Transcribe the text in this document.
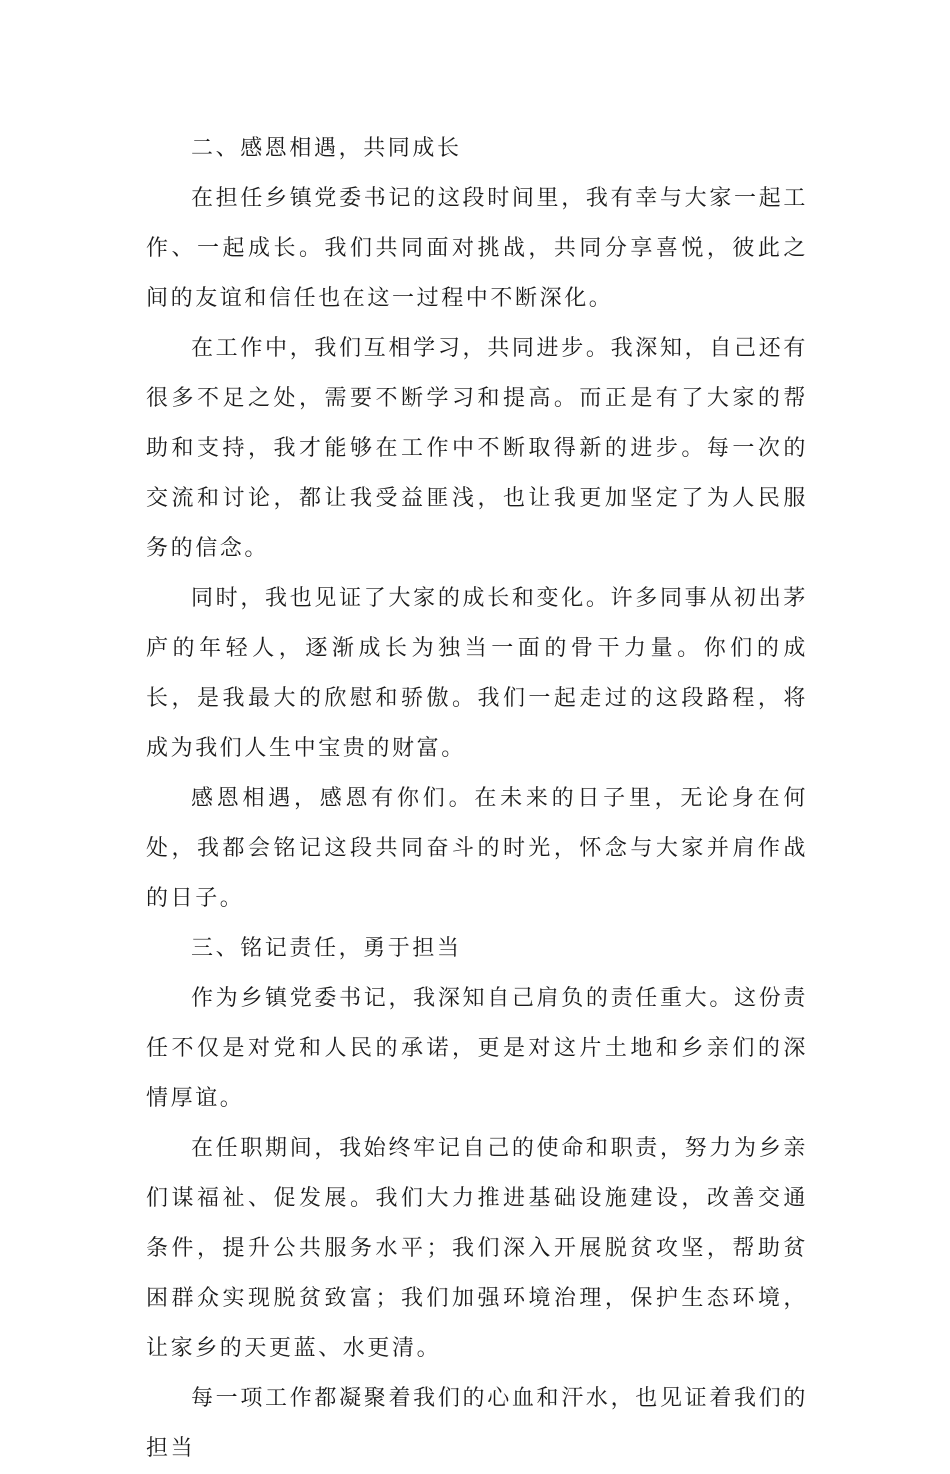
二、感恩相遇，共同成长

在担任乡镇党委书记的这段时间里，我有幸与大家一起工作、一起成长。我们共同面对挑战，共同分享喜悦，彼此之间的友谊和信任也在这一过程中不断深化。

在工作中，我们互相学习，共同进步。我深知，自己还有很多不足之处，需要不断学习和提高。而正是有了大家的帮助和支持，我才能够在工作中不断取得新的进步。每一次的交流和讨论，都让我受益匪浅，也让我更加坚定了为人民服务的信念。

同时，我也见证了大家的成长和变化。许多同事从初出茅庐的年轻人，逐渐成长为独当一面的骨干力量。你们的成长，是我最大的欣慰和骄傲。我们一起走过的这段路程，将成为我们人生中宝贵的财富。

感恩相遇，感恩有你们。在未来的日子里，无论身在何处，我都会铭记这段共同奋斗的时光，怀念与大家并肩作战的日子。

三、铭记责任，勇于担当

作为乡镇党委书记，我深知自己肩负的责任重大。这份责任不仅是对党和人民的承诺，更是对这片土地和乡亲们的深情厚谊。

在任职期间，我始终牢记自己的使命和职责，努力为乡亲们谋福祉、促发展。我们大力推进基础设施建设，改善交通条件，提升公共服务水平；我们深入开展脱贫攻坚，帮助贫困群众实现脱贫致富；我们加强环境治理，保护生态环境，让家乡的天更蓝、水更清。

每一项工作都凝聚着我们的心血和汗水，也见证着我们的担当
